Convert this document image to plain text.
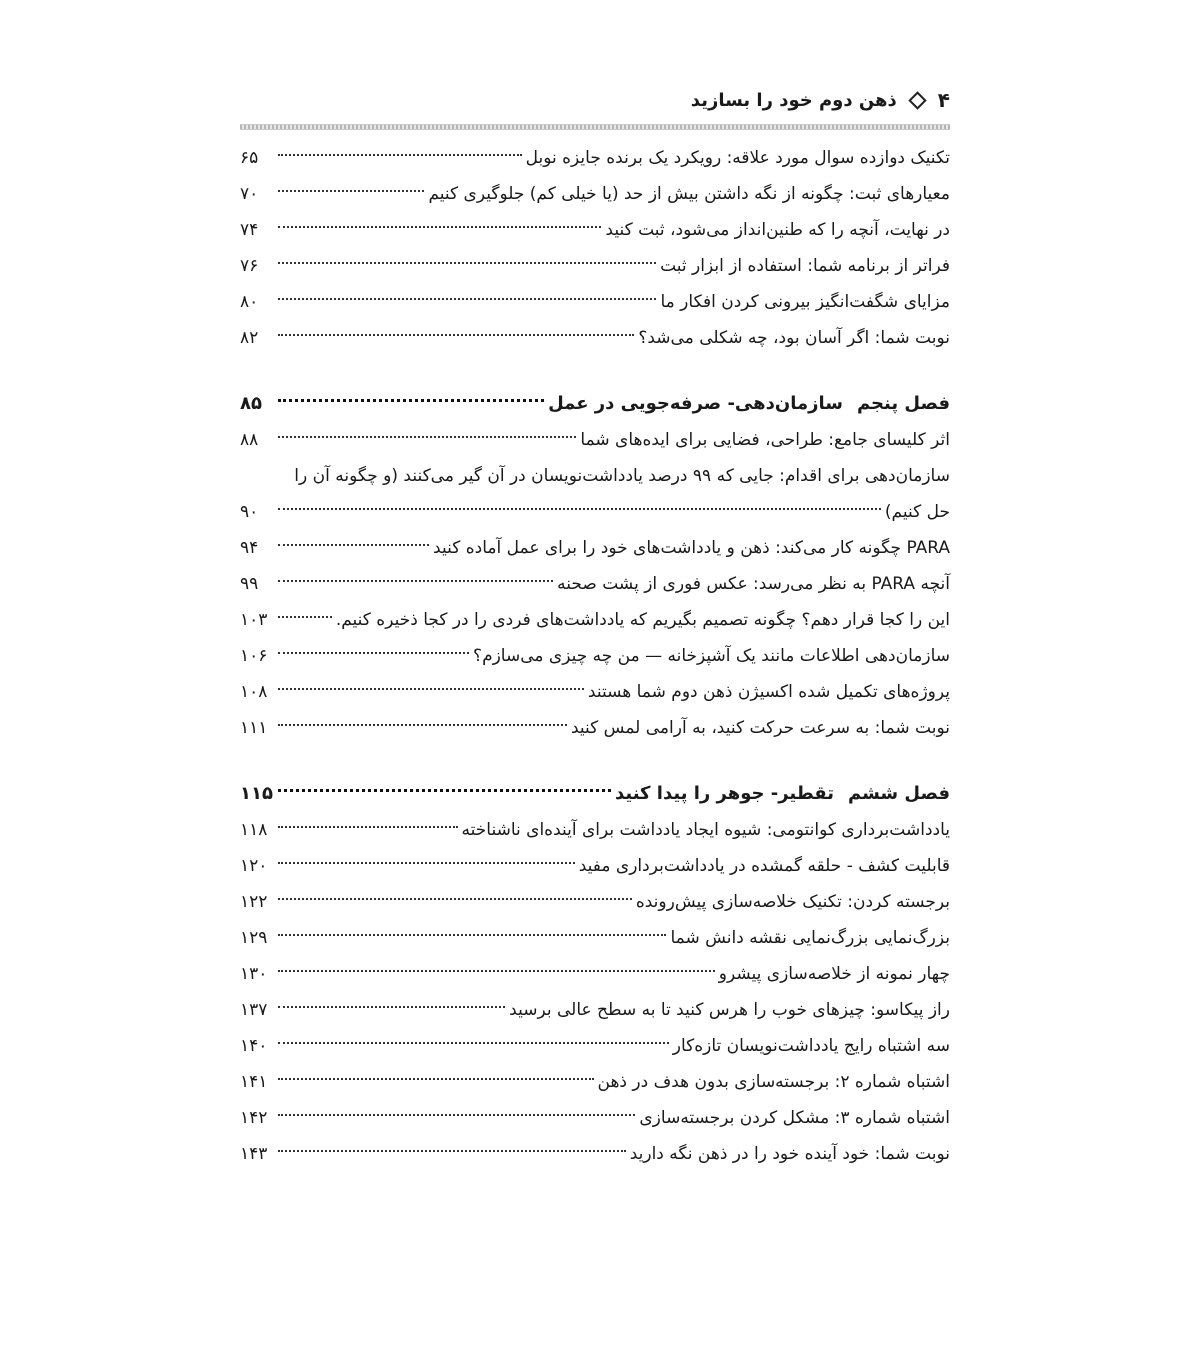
۴
ذهن دوم خود را بسازید
تکنیک دوازده سوال مورد علاقه: رویکرد یک برنده جایزه نوبل
۶۵
معیارهای ثبت: چگونه از نگه داشتن بیش از حد (یا خیلی کم) جلوگیری کنیم
۷۰
در نهایت، آنچه را که طنین‌انداز می‌شود، ثبت کنید
۷۴
فراتر از برنامه شما: استفاده از ابزار ثبت
۷۶
مزایای شگفت‌انگیز بیرونی کردن افکار ما
۸۰
نوبت شما: اگر آسان بود، چه شکلی می‌شد؟
۸۲
فصل پنجم
سازمان‌دهی- صرفه‌جویی در عمل
۸۵
اثر کلیسای جامع: طراحی، فضایی برای ایده‌های شما
۸۸
سازمان‌دهی برای اقدام: جایی که ۹۹ درصد یادداشت‌نویسان در آن گیر می‌کنند (و چگونه آن را
حل کنیم)
۹۰
PARA چگونه کار می‌کند: ذهن و یادداشت‌های خود را برای عمل آماده کنید
۹۴
آنچه PARA به نظر می‌رسد: عکس فوری از پشت صحنه
۹۹
این را کجا قرار دهم؟ چگونه تصمیم بگیریم که یادداشت‌های فردی را در کجا ذخیره کنیم.
۱۰۳
سازمان‌دهی اطلاعات مانند یک آشپزخانه — من چه چیزی می‌سازم؟
۱۰۶
پروژه‌های تکمیل شده اکسیژن ذهن دوم شما هستند
۱۰۸
نوبت شما: به سرعت حرکت کنید، به آرامی لمس کنید
۱۱۱
فصل ششم
تقطیر- جوهر را پیدا کنید
۱۱۵
یادداشت‌برداری کوانتومی: شیوه ایجاد یادداشت برای آینده‌ای ناشناخته
۱۱۸
قابلیت کشف - حلقه گمشده در یادداشت‌برداری مفید
۱۲۰
برجسته کردن: تکنیک خلاصه‌سازی پیش‌رونده
۱۲۲
بزرگ‌نمایی بزرگ‌نمایی نقشه دانش شما
۱۲۹
چهار نمونه از خلاصه‌سازی پیشرو
۱۳۰
راز پیکاسو: چیزهای خوب را هرس کنید تا به سطح عالی برسید
۱۳۷
سه اشتباه رایج یادداشت‌نویسان تازه‌کار
۱۴۰
اشتباه شماره ۲: برجسته‌سازی بدون هدف در ذهن
۱۴۱
اشتباه شماره ۳: مشکل کردن برجسته‌سازی
۱۴۲
نوبت شما: خود آینده خود را در ذهن نگه دارید
۱۴۳
